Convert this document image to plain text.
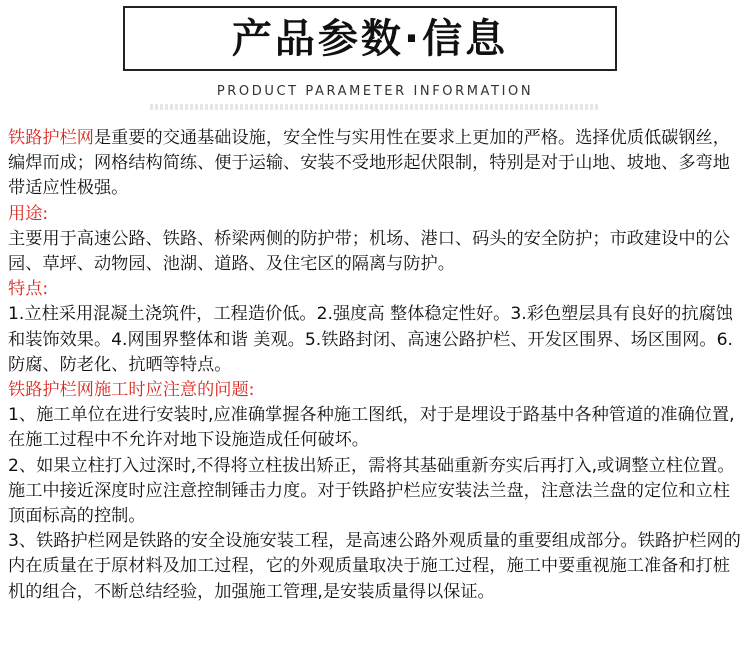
产品参数·信息
PRODUCT PARAMETER INFORMATION

铁路护栏网是重要的交通基础设施，安全性与实用性在要求上更加的严格。选择优质低碳钢丝，编焊而成；网格结构简练、便于运输、安装不受地形起伏限制，特别是对于山地、坡地、多弯地带适应性极强。

用途:

主要用于高速公路、铁路、桥梁两侧的防护带；机场、港口、码头的安全防护；市政建设中的公园、草坪、动物园、池湖、道路、及住宅区的隔离与防护。

特点:

1.立柱采用混凝土浇筑件，工程造价低。2.强度高 整体稳定性好。3.彩色塑层具有良好的抗腐蚀和装饰效果。4.网围界整体和谐 美观。5.铁路封闭、高速公路护栏、开发区围界、场区围网。6.防腐、防老化、抗晒等特点。

铁路护栏网施工时应注意的问题:

1、施工单位在进行安装时,应准确掌握各种施工图纸，对于是埋设于路基中各种管道的准确位置,在施工过程中不允许对地下设施造成任何破坏。

2、如果立柱打入过深时,不得将立柱拔出矫正，需将其基础重新夯实后再打入,或调整立柱位置。施工中接近深度时应注意控制锤击力度。对于铁路护栏应安装法兰盘，注意法兰盘的定位和立柱顶面标高的控制。

3、铁路护栏网是铁路的安全设施安装工程，是高速公路外观质量的重要组成部分。铁路护栏网的内在质量在于原材料及加工过程，它的外观质量取决于施工过程，施工中要重视施工准备和打桩机的组合，不断总结经验，加强施工管理,是安装质量得以保证。
